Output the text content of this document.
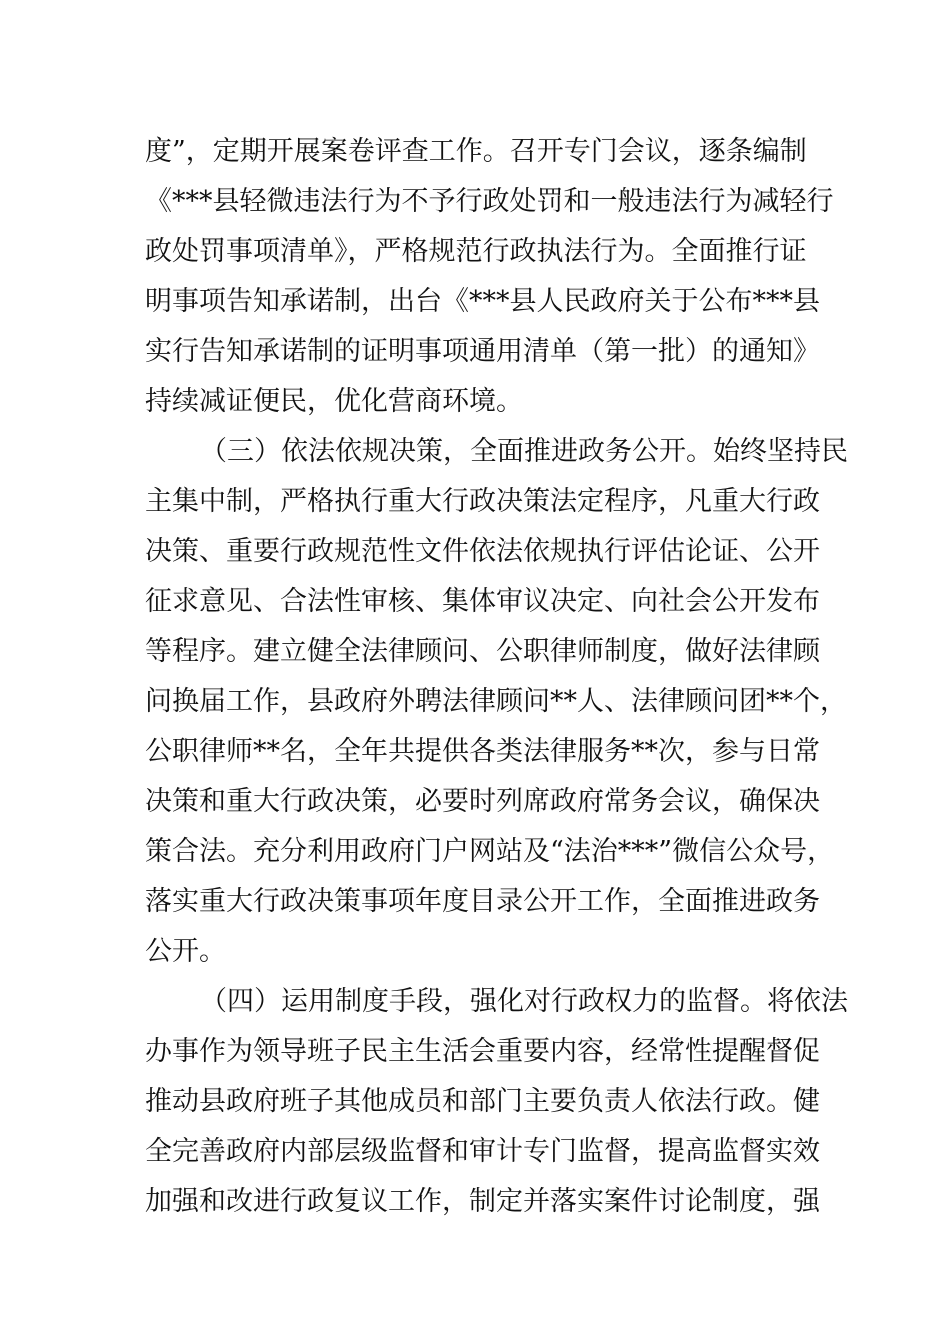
度”，定期开展案卷评查工作。召开专门会议，逐条编制
《***县轻微违法行为不予行政处罚和一般违法行为减轻行
政处罚事项清单》，严格规范行政执法行为。全面推行证
明事项告知承诺制，出台《***县人民政府关于公布***县
实行告知承诺制的证明事项通用清单（第一批）的通知》
持续减证便民，优化营商环境。
（三）依法依规决策，全面推进政务公开。始终坚持民
主集中制，严格执行重大行政决策法定程序，凡重大行政
决策、重要行政规范性文件依法依规执行评估论证、公开
征求意见、合法性审核、集体审议决定、向社会公开发布
等程序。建立健全法律顾问、公职律师制度，做好法律顾
问换届工作，县政府外聘法律顾问**人、法律顾问团**个，
公职律师**名，全年共提供各类法律服务**次，参与日常
决策和重大行政决策，必要时列席政府常务会议，确保决
策合法。充分利用政府门户网站及“法治***”微信公众号，
落实重大行政决策事项年度目录公开工作，全面推进政务
公开。
（四）运用制度手段，强化对行政权力的监督。将依法
办事作为领导班子民主生活会重要内容，经常性提醒督促
推动县政府班子其他成员和部门主要负责人依法行政。健
全完善政府内部层级监督和审计专门监督，提高监督实效
加强和改进行政复议工作，制定并落实案件讨论制度，强
